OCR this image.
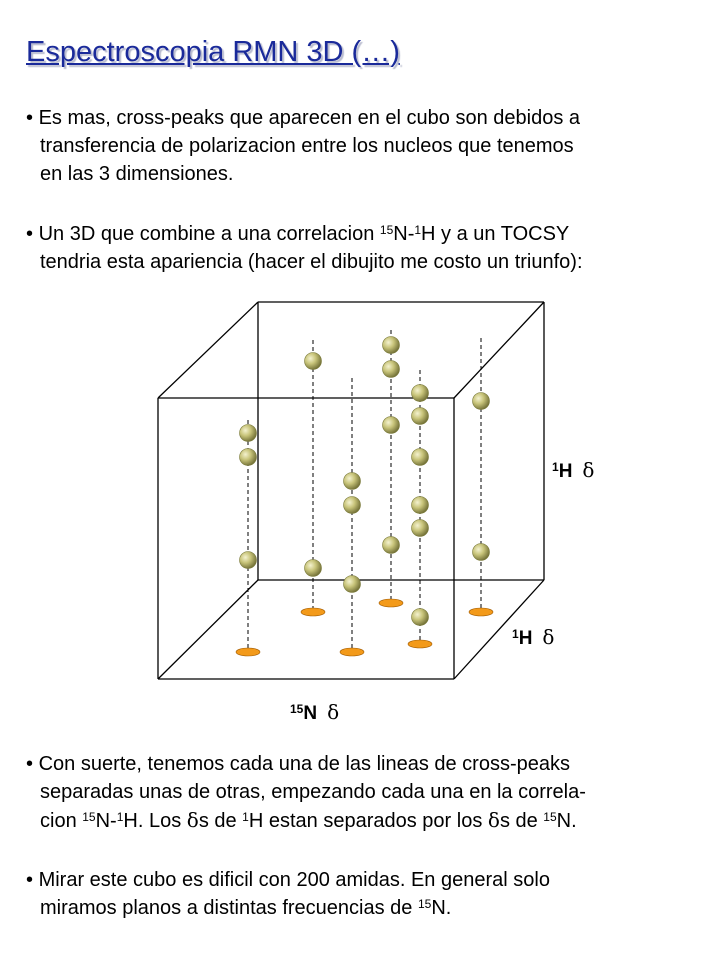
Espectroscopia RMN 3D (…)
• Es mas, cross-peaks que aparecen en el cubo son debidos a
transferencia de polarizacion entre los nucleos que tenemos
en las 3 dimensiones.
• Un 3D que combine a una correlacion $^{15}$N-$^1$H y a un TOCSY
tendria esta apariencia (hacer el dibujito me costo un triunfo):
$^1$H δ
$^1$H δ
$^{15}$N δ
• Con suerte, tenemos cada una de las lineas de cross-peaks
separadas unas de otras, empezando cada una en la correla-
cion $^{15}$N-$^1$H. Los δs de $^1$H estan separados por los δs de $^{15}$N.
• Mirar este cubo es dificil con 200 amidas. En general solo
miramos planos a distintas frecuencias de $^{15}$N.
